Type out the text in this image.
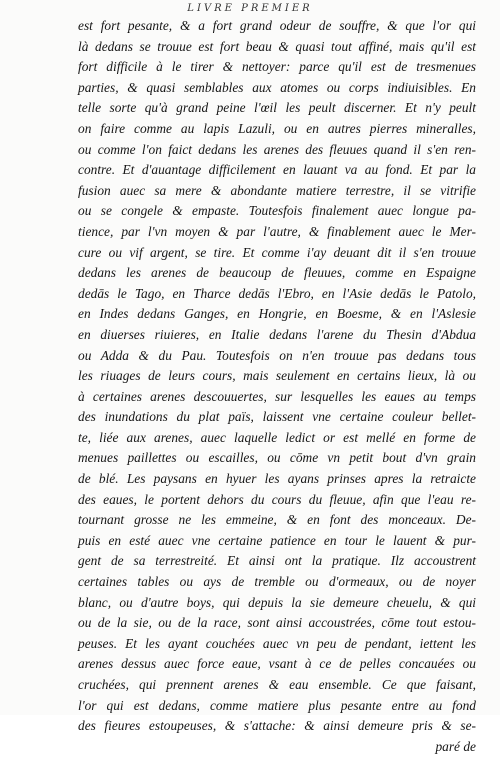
LIVRE PREMIER
est fort pesante, & a fort grand odeur de souffre, & que l'or qui
là dedans se trouue est fort beau & quasi tout affiné, mais qu'il est
fort difficile à le tirer & nettoyer: parce qu'il est de tresmenues
parties, & quasi semblables aux atomes ou corps indiuisibles. En
telle sorte qu'à grand peine l'œil les peult discerner. Et n'y peult
on faire comme au lapis Lazuli, ou en autres pierres mineralles,
ou comme l'on faict dedans les arenes des fleuues quand il s'en ren-
contre. Et d'auantage difficilement en lauant va au fond. Et par la
fusion auec sa mere & abondante matiere terrestre, il se vitrifie
ou se congele & empaste. Toutesfois finalement auec longue pa-
tience, par l'vn moyen & par l'autre, & finablement auec le Mer-
cure ou vif argent, se tire. Et comme i'ay deuant dit il s'en trouue
dedans les arenes de beaucoup de fleuues, comme en Espaigne
dedās le Tago, en Tharce dedās l'Ebro, en l'Asie dedās le Patolo,
en Indes dedans Ganges, en Hongrie, en Boesme, & en l'Aslesie
en diuerses riuieres, en Italie dedans l'arene du Thesin d'Abdua
ou Adda & du Pau. Toutesfois on n'en trouue pas dedans tous
les riuages de leurs cours, mais seulement en certains lieux, là ou
à certaines arenes descouuertes, sur lesquelles les eaues au temps
des inundations du plat païs, laissent vne certaine couleur bellet-
te, liée aux arenes, auec laquelle ledict or est mellé en forme de
menues paillettes ou escailles, ou cōme vn petit bout d'vn grain
de blé. Les paysans en hyuer les ayans prinses apres la retraicte
des eaues, le portent dehors du cours du fleuue, afin que l'eau re-
tournant grosse ne les emmeine, & en font des monceaux. De-
puis en esté auec vne certaine patience en tour le lauent & pur-
gent de sa terrestreité. Et ainsi ont la pratique. Ilz accoustrent
certaines tables ou ays de tremble ou d'ormeaux, ou de noyer
blanc, ou d'autre boys, qui depuis la sie demeure cheuelu, & qui
ou de la sie, ou de la race, sont ainsi accoustrées, cōme tout estou-
peuses. Et les ayant couchées auec vn peu de pendant, iettent les
arenes dessus auec force eaue, vsant à ce de pelles concauées ou
cruchées, qui prennent arenes & eau ensemble. Ce que faisant,
l'or qui est dedans, comme matiere plus pesante entre au fond
des fieures estoupeuses, & s'attache: & ainsi demeure pris & se-
paré de
